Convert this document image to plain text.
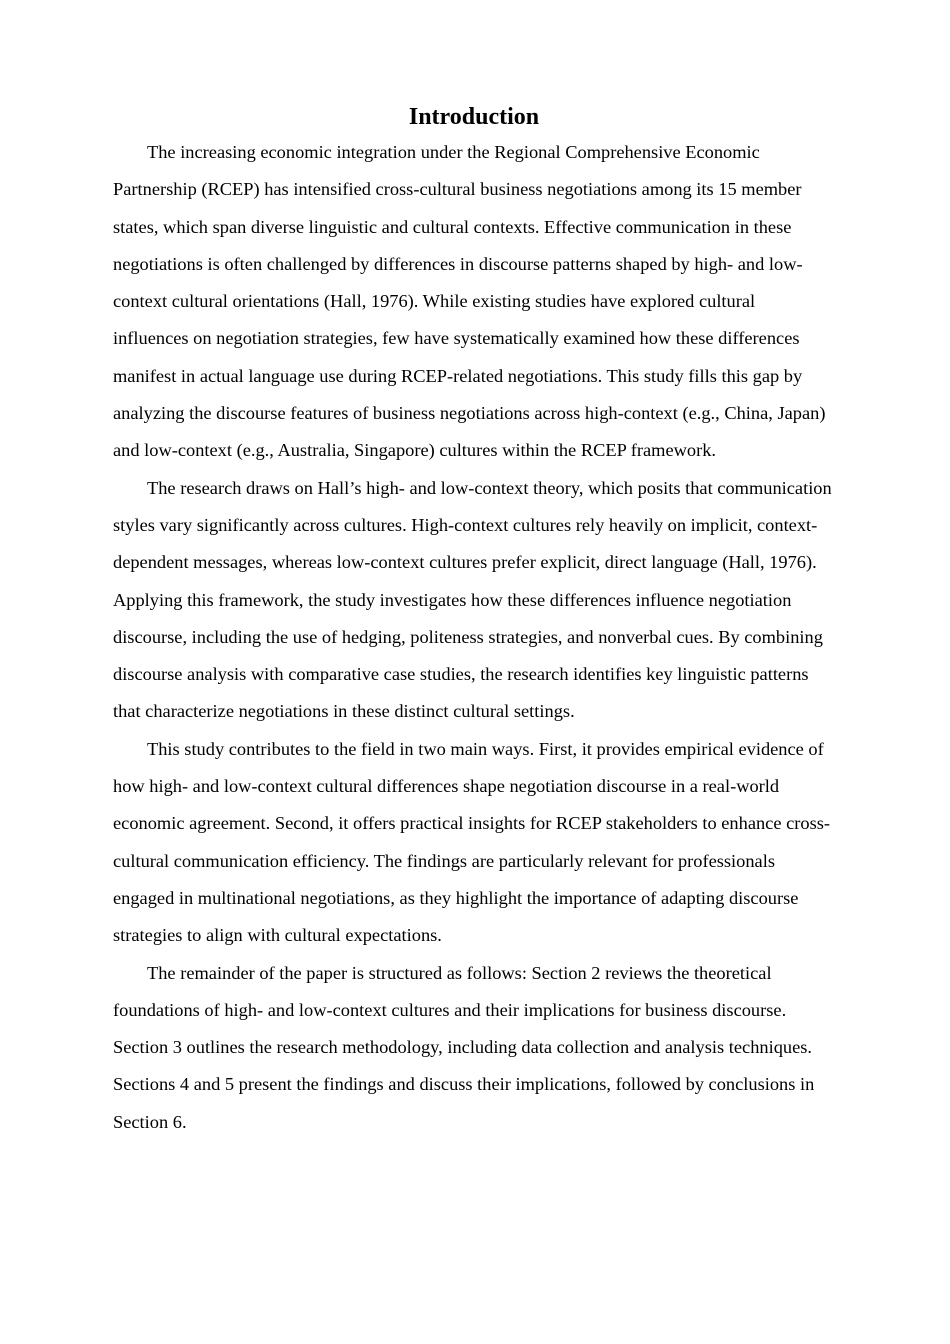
Introduction

The increasing economic integration under the Regional Comprehensive Economic Partnership (RCEP) has intensified cross-cultural business negotiations among its 15 member states, which span diverse linguistic and cultural contexts. Effective communication in these negotiations is often challenged by differences in discourse patterns shaped by high- and low-context cultural orientations (Hall, 1976). While existing studies have explored cultural influences on negotiation strategies, few have systematically examined how these differences manifest in actual language use during RCEP-related negotiations. This study fills this gap by analyzing the discourse features of business negotiations across high-context (e.g., China, Japan) and low-context (e.g., Australia, Singapore) cultures within the RCEP framework.

The research draws on Hall’s high- and low-context theory, which posits that communication styles vary significantly across cultures. High-context cultures rely heavily on implicit, context-dependent messages, whereas low-context cultures prefer explicit, direct language (Hall, 1976). Applying this framework, the study investigates how these differences influence negotiation discourse, including the use of hedging, politeness strategies, and nonverbal cues. By combining discourse analysis with comparative case studies, the research identifies key linguistic patterns that characterize negotiations in these distinct cultural settings.

This study contributes to the field in two main ways. First, it provides empirical evidence of how high- and low-context cultural differences shape negotiation discourse in a real-world economic agreement. Second, it offers practical insights for RCEP stakeholders to enhance cross-cultural communication efficiency. The findings are particularly relevant for professionals engaged in multinational negotiations, as they highlight the importance of adapting discourse strategies to align with cultural expectations.

The remainder of the paper is structured as follows: Section 2 reviews the theoretical foundations of high- and low-context cultures and their implications for business discourse. Section 3 outlines the research methodology, including data collection and analysis techniques. Sections 4 and 5 present the findings and discuss their implications, followed by conclusions in Section 6.
